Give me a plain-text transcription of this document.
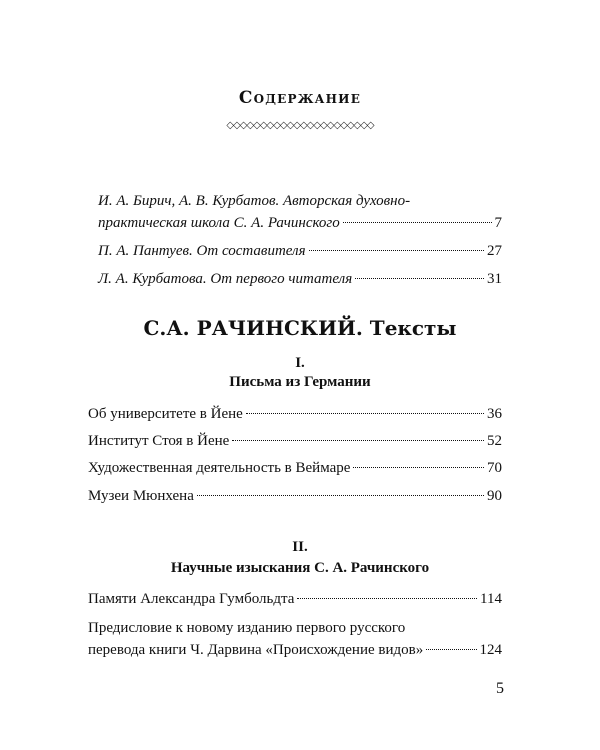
Содержание
◇◇◇◇◇◇◇◇◇◇◇◇◇◇◇◇◇◇◇◇◇◇
И. А. Бирич, А. В. Курбатов. Авторская духовно-
практическая школа С. А. Рачинского	7
П. А. Пантуев. От составителя	27
Л. А. Курбатова. От первого читателя	31
С.А. РАЧИНСКИЙ. Тексты
I.
Письма из Германии
Об университете в Йене	36
Институт Стоя в Йене	52
Художественная деятельность в Веймаре	70
Музеи Мюнхена	90
II.
Научные изыскания С. А. Рачинского
Памяти Александра Гумбольдта	114
Предисловие к новому изданию первого русского
перевода книги Ч. Дарвина «Происхождение видов»	124
5
